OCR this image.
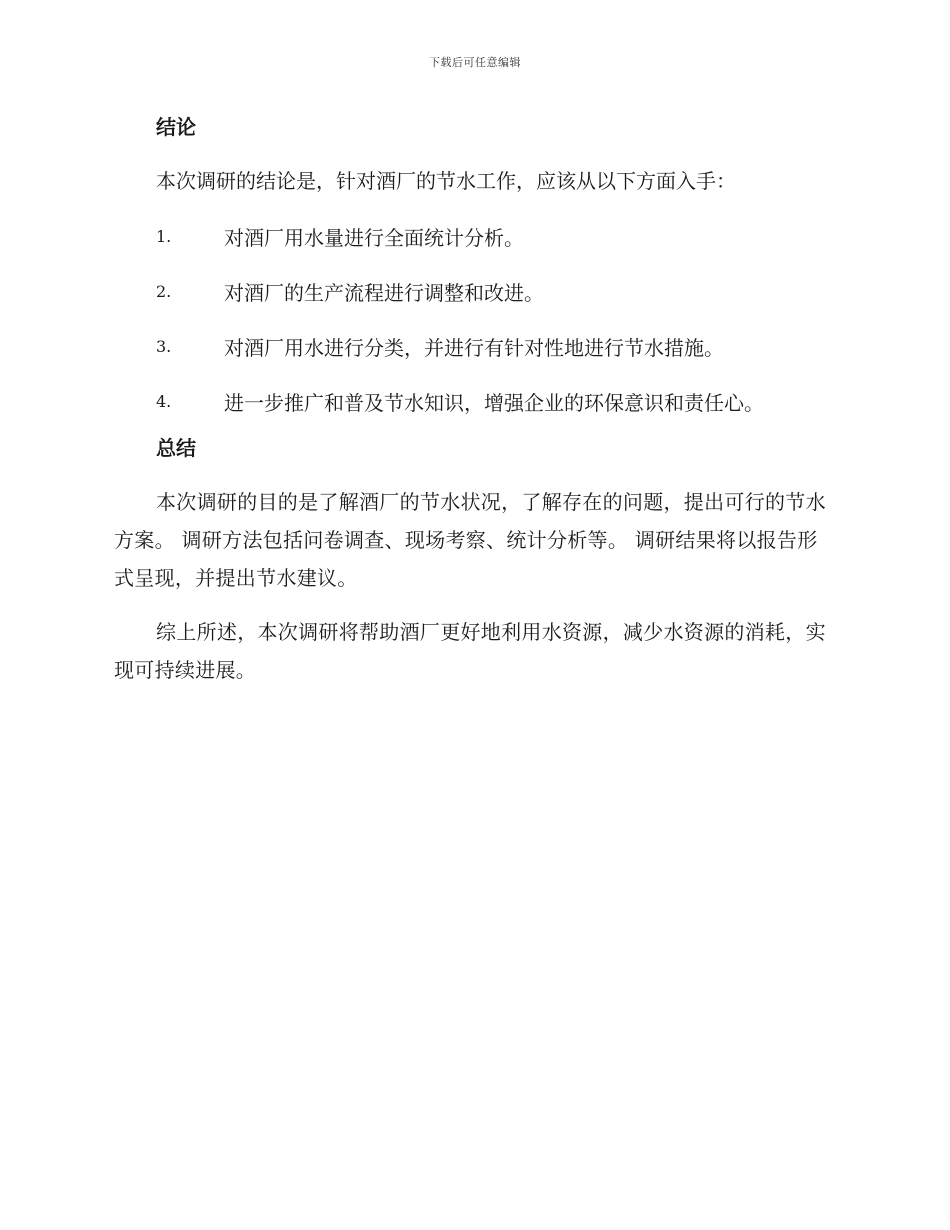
下载后可任意编辑
结论

本次调研的结论是，针对酒厂的节水工作，应该从以下方面入手：

1.	对酒厂用水量进行全面统计分析。
2.	对酒厂的生产流程进行调整和改进。
3.	对酒厂用水进行分类，并进行有针对性地进行节水措施。
4.	进一步推广和普及节水知识，增强企业的环保意识和责任心。
总结

本次调研的目的是了解酒厂的节水状况，了解存在的问题，提出可行的节水方案。 调研方法包括问卷调查、现场考察、统计分析等。 调研结果将以报告形式呈现，并提出节水建议。

综上所述，本次调研将帮助酒厂更好地利用水资源，减少水资源的消耗，实现可持续进展。
